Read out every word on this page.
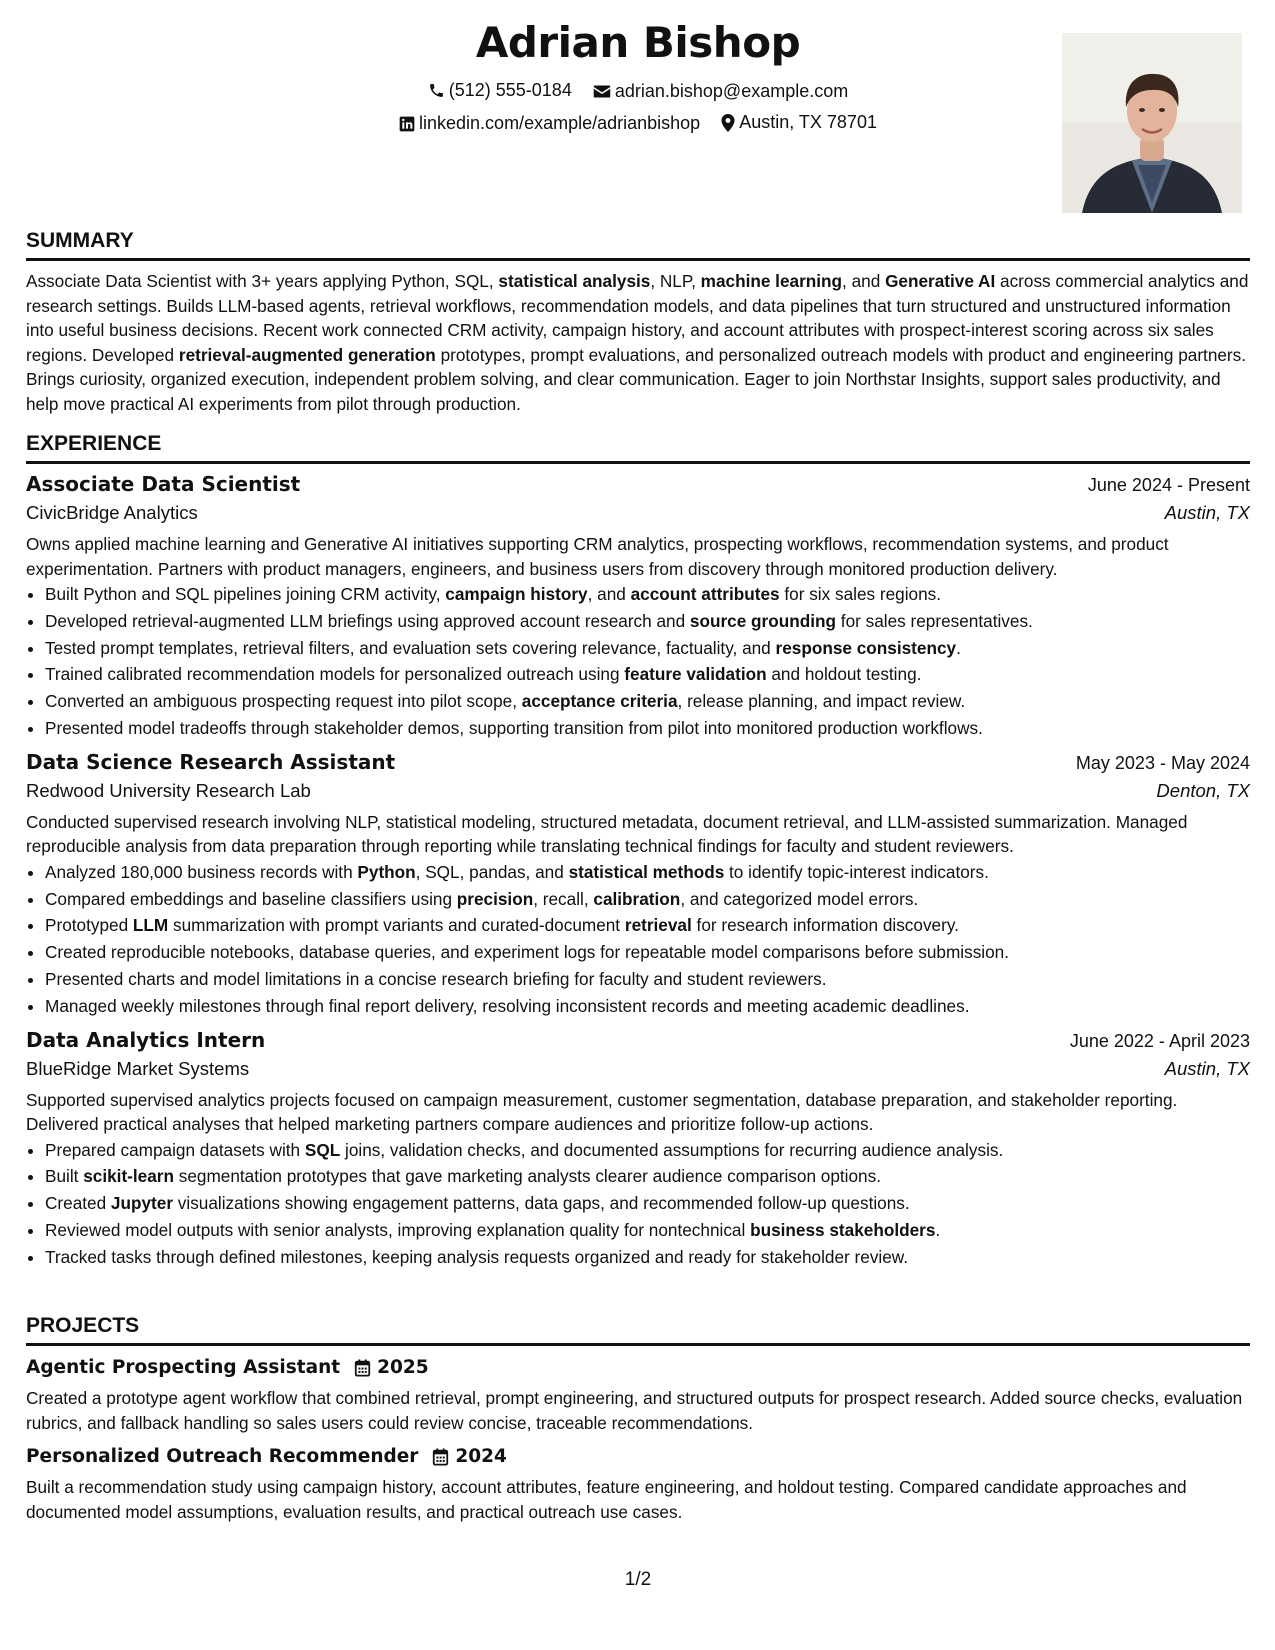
Adrian Bishop
(512) 555-0184
adrian.bishop@example.com
linkedin.com/example/adrianbishop
Austin, TX 78701
SUMMARY

Associate Data Scientist with 3+ years applying Python, SQL, statistical analysis, NLP, machine learning, and Generative AI across commercial analytics and research settings. Builds LLM-based agents, retrieval workflows, recommendation models, and data pipelines that turn structured and unstructured information into useful business decisions. Recent work connected CRM activity, campaign history, and account attributes with prospect-interest scoring across six sales regions. Developed retrieval-augmented generation prototypes, prompt evaluations, and personalized outreach models with product and engineering partners. Brings curiosity, organized execution, independent problem solving, and clear communication. Eager to join Northstar Insights, support sales productivity, and help move practical AI experiments from pilot through production.

EXPERIENCE
Associate Data Scientist	June 2024 - Present
CivicBridge Analytics	Austin, TX

Owns applied machine learning and Generative AI initiatives supporting CRM analytics, prospecting workflows, recommendation systems, and product experimentation. Partners with product managers, engineers, and business users from discovery through monitored production delivery.

• Built Python and SQL pipelines joining CRM activity, campaign history, and account attributes for six sales regions.
• Developed retrieval-augmented LLM briefings using approved account research and source grounding for sales representatives.
• Tested prompt templates, retrieval filters, and evaluation sets covering relevance, factuality, and response consistency.
• Trained calibrated recommendation models for personalized outreach using feature validation and holdout testing.
• Converted an ambiguous prospecting request into pilot scope, acceptance criteria, release planning, and impact review.
• Presented model tradeoffs through stakeholder demos, supporting transition from pilot into monitored production workflows.
Data Science Research Assistant	May 2023 - May 2024
Redwood University Research Lab	Denton, TX

Conducted supervised research involving NLP, statistical modeling, structured metadata, document retrieval, and LLM-assisted summarization. Managed reproducible analysis from data preparation through reporting while translating technical findings for faculty and student reviewers.

• Analyzed 180,000 business records with Python, SQL, pandas, and statistical methods to identify topic-interest indicators.
• Compared embeddings and baseline classifiers using precision, recall, calibration, and categorized model errors.
• Prototyped LLM summarization with prompt variants and curated-document retrieval for research information discovery.
• Created reproducible notebooks, database queries, and experiment logs for repeatable model comparisons before submission.
• Presented charts and model limitations in a concise research briefing for faculty and student reviewers.
• Managed weekly milestones through final report delivery, resolving inconsistent records and meeting academic deadlines.
Data Analytics Intern	June 2022 - April 2023
BlueRidge Market Systems	Austin, TX

Supported supervised analytics projects focused on campaign measurement, customer segmentation, database preparation, and stakeholder reporting. Delivered practical analyses that helped marketing partners compare audiences and prioritize follow-up actions.

• Prepared campaign datasets with SQL joins, validation checks, and documented assumptions for recurring audience analysis.
• Built scikit-learn segmentation prototypes that gave marketing analysts clearer audience comparison options.
• Created Jupyter visualizations showing engagement patterns, data gaps, and recommended follow-up questions.
• Reviewed model outputs with senior analysts, improving explanation quality for nontechnical business stakeholders.
• Tracked tasks through defined milestones, keeping analysis requests organized and ready for stakeholder review.
PROJECTS
Agentic Prospecting Assistant 2025

Created a prototype agent workflow that combined retrieval, prompt engineering, and structured outputs for prospect research. Added source checks, evaluation rubrics, and fallback handling so sales users could review concise, traceable recommendations.

Personalized Outreach Recommender 2024

Built a recommendation study using campaign history, account attributes, feature engineering, and holdout testing. Compared candidate approaches and documented model assumptions, evaluation results, and practical outreach use cases.

1/2
